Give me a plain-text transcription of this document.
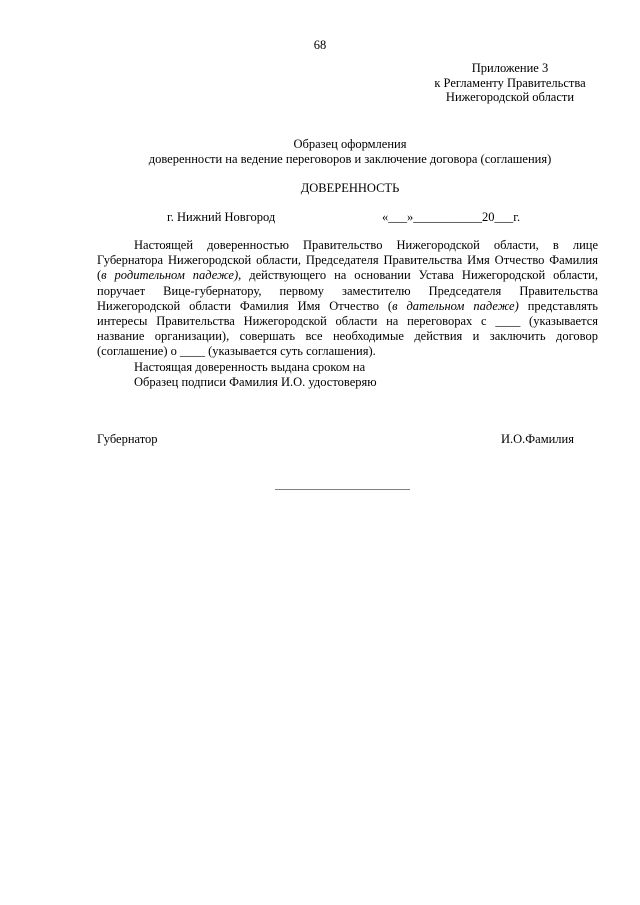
68
Приложение 3
к Регламенту Правительства
Нижегородской области
Образец оформления
доверенности на ведение переговоров и заключение договора (соглашения)
ДОВЕРЕННОСТЬ
г. Нижний Новгород	«___»___________20___г.

Настоящей доверенностью Правительство Нижегородской области, в лице Губернатора Нижегородской области, Председателя Правительства Имя Отчество Фамилия (в родительном падеже), действующего на основании Устава Нижегородской области, поручает Вице-губернатору, первому заместителю Председателя Правительства Нижегородской области Фамилия Имя Отчество (в дательном падеже) представлять интересы Правительства Нижегородской области на переговорах с ____ (указывается название организации), совершать все необходимые действия и заключить договор (соглашение) о ____ (указывается суть соглашения).

Настоящая доверенность выдана сроком на

Образец подписи Фамилия И.О. удостоверяю

Губернатор	И.О.Фамилия
